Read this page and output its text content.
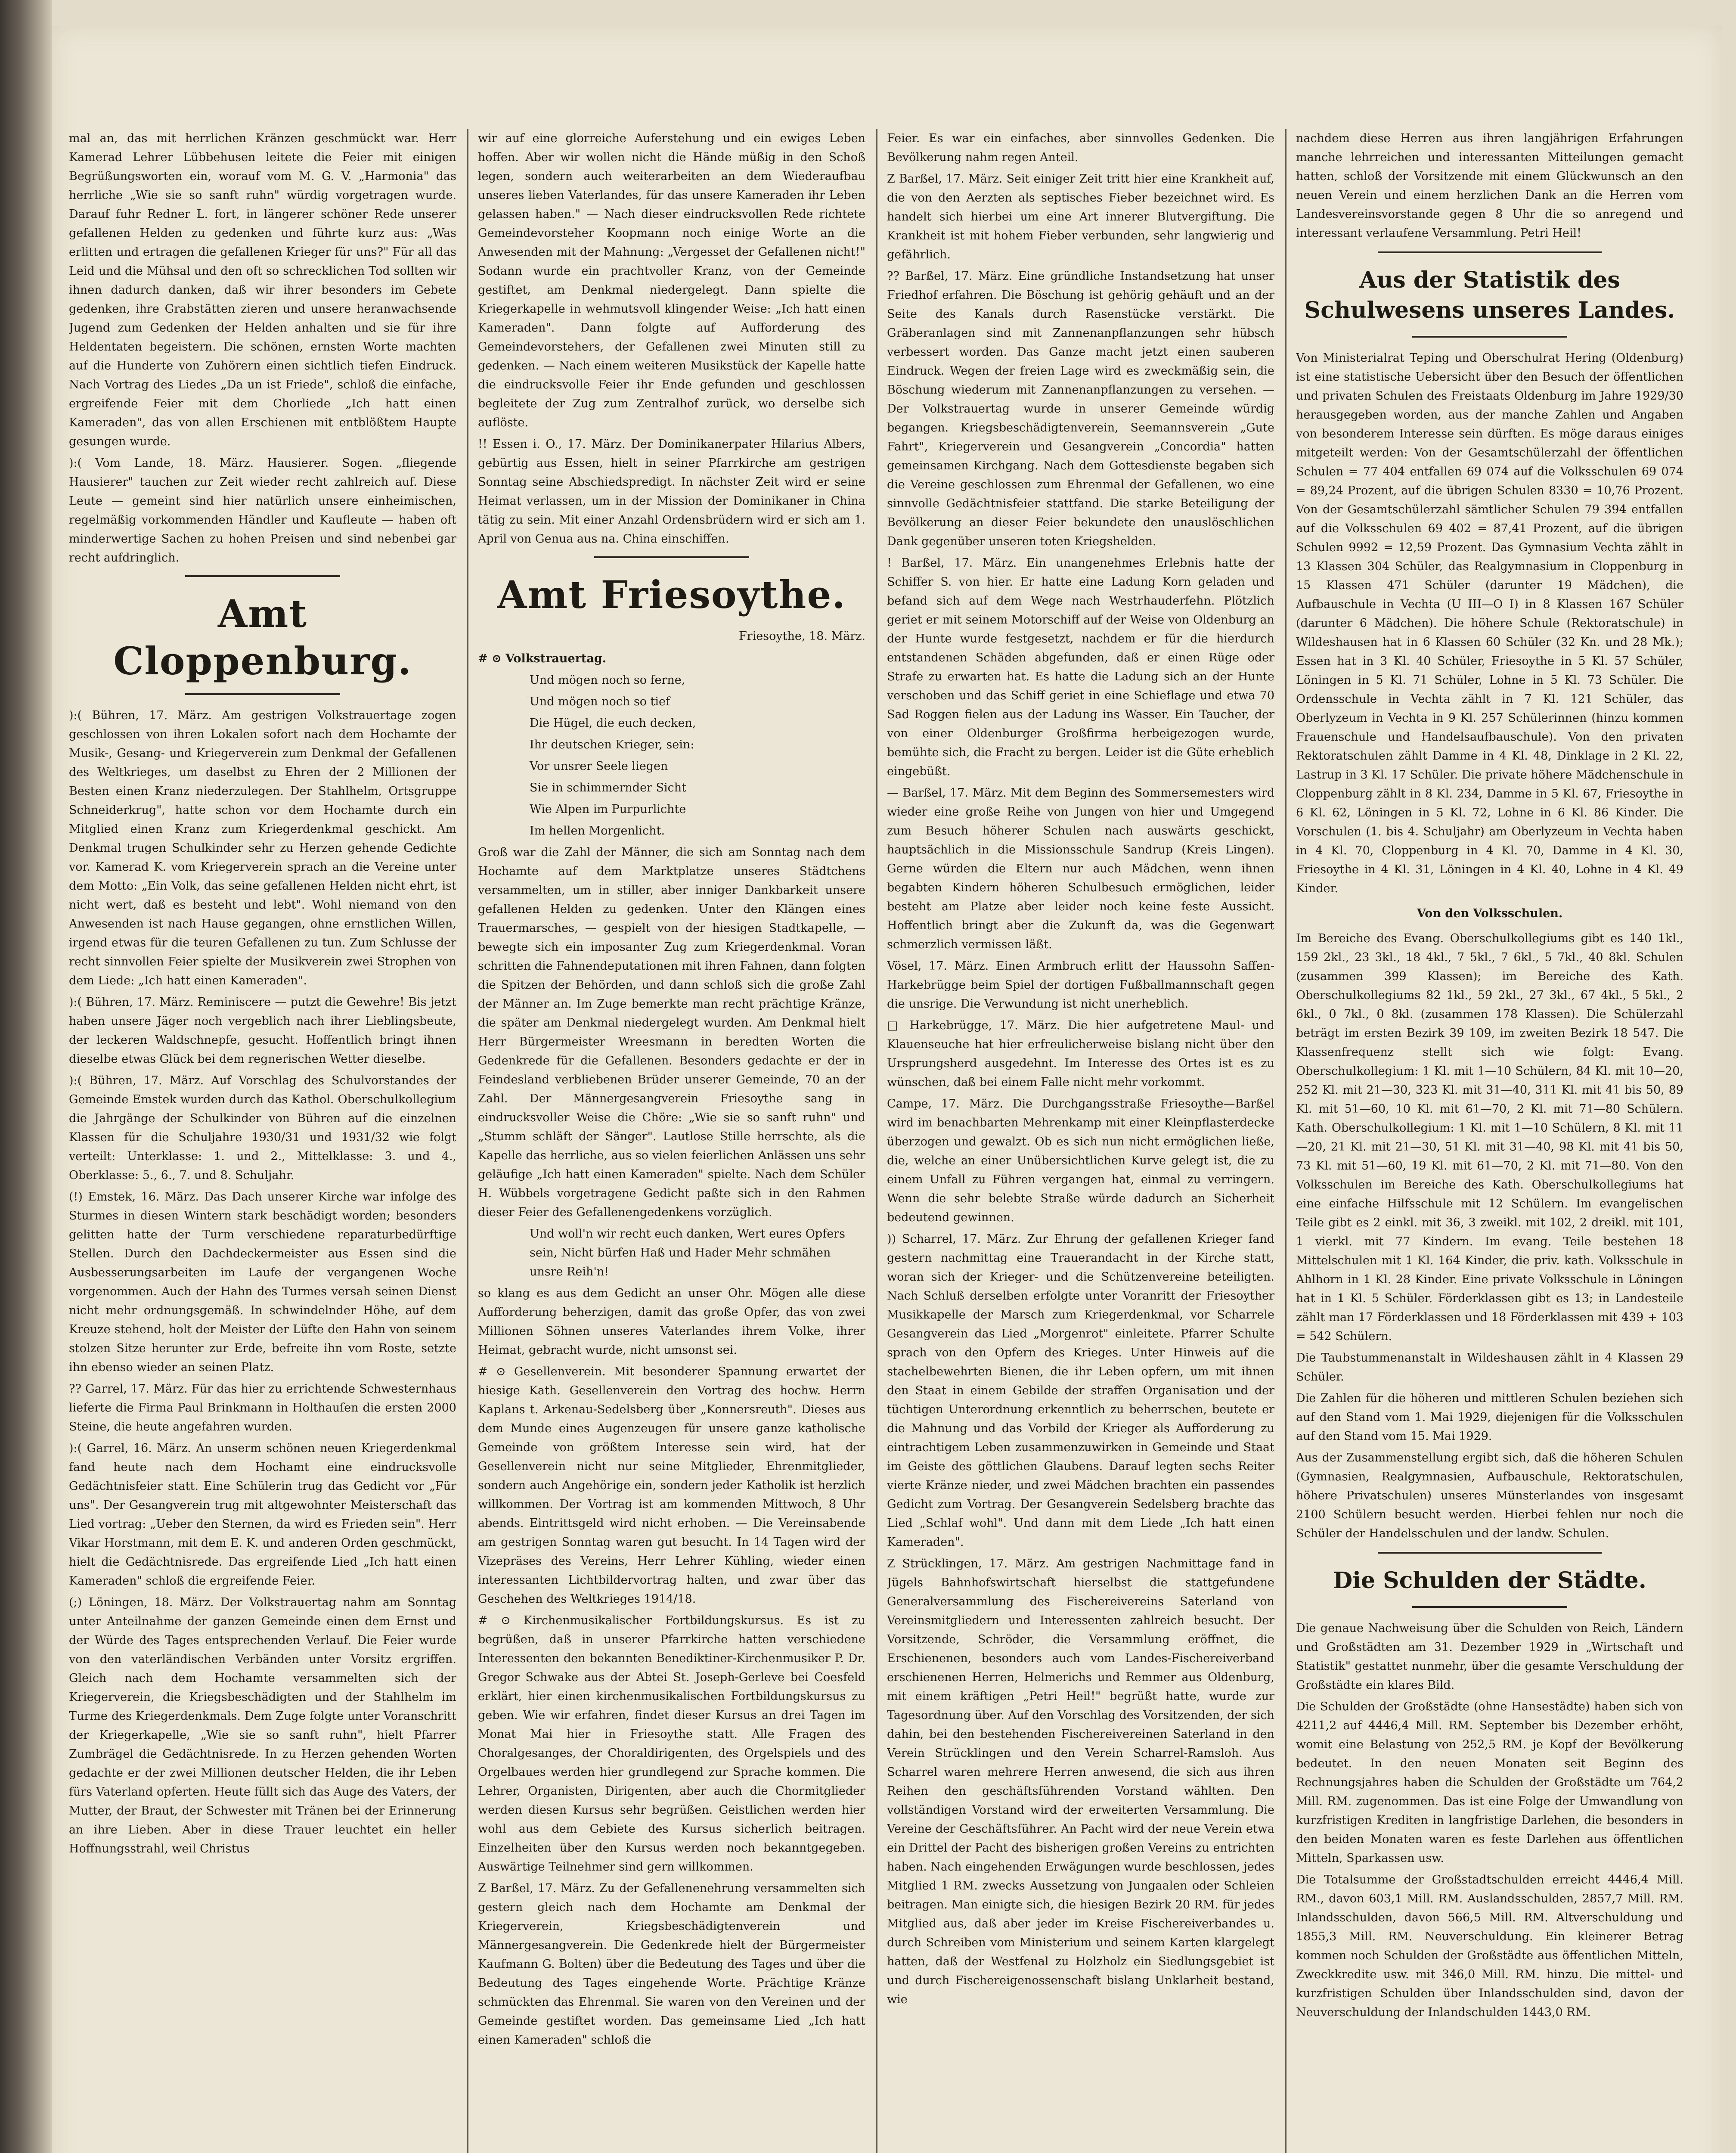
mal an, das mit herrlichen Kränzen geschmückt war. Herr Kamerad Lehrer Lübbehusen leitete die Feier mit einigen Begrüßungsworten ein, worauf vom M. G. V. „Harmonia" das herrliche „Wie sie so sanft ruhn" würdig vorgetragen wurde. Darauf fuhr Redner L. fort, in längerer schöner Rede unserer gefallenen Helden zu gedenken und führte kurz aus: „Was erlitten und ertragen die gefallenen Krieger für uns?" Für all das Leid und die Mühsal und den oft so schrecklichen Tod sollten wir ihnen dadurch danken, daß wir ihrer besonders im Gebete gedenken, ihre Grabstätten zieren und unsere heranwachsende Jugend zum Gedenken der Helden anhalten und sie für ihre Heldentaten begeistern. Die schönen, ernsten Worte machten auf die Hunderte von Zuhörern einen sichtlich tiefen Eindruck. Nach Vortrag des Liedes „Da un ist Friede", schloß die einfache, ergreifende Feier mit dem Chorliede „Ich hatt einen Kameraden", das von allen Erschienen mit entblößtem Haupte gesungen wurde.

):( Vom Lande, 18. März. Hausierer. Sogen. „fliegende Hausierer" tauchen zur Zeit wieder recht zahlreich auf. Diese Leute — gemeint sind hier natürlich unsere einheimischen, regelmäßig vorkommenden Händler und Kaufleute — haben oft minderwertige Sachen zu hohen Preisen und sind nebenbei gar recht aufdringlich.

Amt Cloppenburg.

):( Bühren, 17. März. Am gestrigen Volkstrauertage zogen geschlossen von ihren Lokalen sofort nach dem Hochamte der Musik-, Gesang- und Kriegerverein zum Denkmal der Gefallenen des Weltkrieges, um daselbst zu Ehren der 2 Millionen der Besten einen Kranz niederzulegen. Der Stahlhelm, Ortsgruppe Schneiderkrug", hatte schon vor dem Hochamte durch ein Mitglied einen Kranz zum Kriegerdenkmal geschickt. Am Denkmal trugen Schulkinder sehr zu Herzen gehende Gedichte vor. Kamerad K. vom Kriegerverein sprach an die Vereine unter dem Motto: „Ein Volk, das seine gefallenen Helden nicht ehrt, ist nicht wert, daß es besteht und lebt". Wohl niemand von den Anwesenden ist nach Hause gegangen, ohne ernstlichen Willen, irgend etwas für die teuren Gefallenen zu tun. Zum Schlusse der recht sinnvollen Feier spielte der Musikverein zwei Strophen von dem Liede: „Ich hatt einen Kameraden".

):( Bühren, 17. März. Reminiscere — putzt die Gewehre! Bis jetzt haben unsere Jäger noch vergeblich nach ihrer Lieblingsbeute, der leckeren Waldschnepfe, gesucht. Hoffentlich bringt ihnen dieselbe etwas Glück bei dem regnerischen Wetter dieselbe.

):( Bühren, 17. März. Auf Vorschlag des Schulvorstandes der Gemeinde Emstek wurden durch das Kathol. Oberschulkollegium die Jahrgänge der Schulkinder von Bühren auf die einzelnen Klassen für die Schuljahre 1930/31 und 1931/32 wie folgt verteilt: Unterklasse: 1. und 2., Mittelklasse: 3. und 4., Oberklasse: 5., 6., 7. und 8. Schuljahr.

(!) Emstek, 16. März. Das Dach unserer Kirche war infolge des Sturmes in diesen Wintern stark beschädigt worden; besonders gelitten hatte der Turm verschiedene reparaturbedürftige Stellen. Durch den Dachdeckermeister aus Essen sind die Ausbesserungsarbeiten im Laufe der vergangenen Woche vorgenommen. Auch der Hahn des Turmes versah seinen Dienst nicht mehr ordnungsgemäß. In schwindelnder Höhe, auf dem Kreuze stehend, holt der Meister der Lüfte den Hahn von seinem stolzen Sitze herunter zur Erde, befreite ihn vom Roste, setzte ihn ebenso wieder an seinen Platz.

?? Garrel, 17. März. Für das hier zu errichtende Schwesternhaus lieferte die Firma Paul Brinkmann in Holthauſen die ersten 2000 Steine, die heute angefahren wurden.

):( Garrel, 16. März. An unserm schönen neuen Kriegerdenkmal fand heute nach dem Hochamt eine eindrucksvolle Gedächtnisfeier statt. Eine Schülerin trug das Gedicht vor „Für uns". Der Gesangverein trug mit altgewohnter Meisterschaft das Lied vortrag: „Ueber den Sternen, da wird es Frieden sein". Herr Vikar Horstmann, mit dem E. K. und anderen Orden geschmückt, hielt die Gedächtnisrede. Das ergreifende Lied „Ich hatt einen Kameraden" schloß die ergreifende Feier.

(;) Löningen, 18. März. Der Volkstrauertag nahm am Sonntag unter Anteilnahme der ganzen Gemeinde einen dem Ernst und der Würde des Tages entsprechenden Verlauf. Die Feier wurde von den vaterländischen Verbänden unter Vorsitz ergriffen. Gleich nach dem Hochamte versammelten sich der Kriegerverein, die Kriegsbeschädigten und der Stahlhelm im Turme des Kriegerdenkmals. Dem Zuge folgte unter Voranschritt der Kriegerkapelle, „Wie sie so sanft ruhn", hielt Pfarrer Zumbrägel die Gedächtnisrede. In zu Herzen gehenden Worten gedachte er der zwei Millionen deutscher Helden, die ihr Leben fürs Vaterland opferten. Heute füllt sich das Auge des Vaters, der Mutter, der Braut, der Schwester mit Tränen bei der Erinnerung an ihre Lieben. Aber in diese Trauer leuchtet ein heller Hoffnungsstrahl, weil Christus

wir auf eine glorreiche Auferstehung und ein ewiges Leben hoffen. Aber wir wollen nicht die Hände müßig in den Schoß legen, sondern auch weiterarbeiten an dem Wiederaufbau unseres lieben Vaterlandes, für das unsere Kameraden ihr Leben gelassen haben." — Nach dieser eindrucksvollen Rede richtete Gemeindevorsteher Koopmann noch einige Worte an die Anwesenden mit der Mahnung: „Vergesset der Gefallenen nicht!" Sodann wurde ein prachtvoller Kranz, von der Gemeinde gestiftet, am Denkmal niedergelegt. Dann spielte die Kriegerkapelle in wehmutsvoll klingender Weise: „Ich hatt einen Kameraden". Dann folgte auf Aufforderung des Gemeindevorstehers, der Gefallenen zwei Minuten still zu gedenken. — Nach einem weiteren Musikstück der Kapelle hatte die eindrucksvolle Feier ihr Ende gefunden und geschlossen begleitete der Zug zum Zentralhof zurück, wo derselbe sich auflöste.

!! Essen i. O., 17. März. Der Dominikanerpater Hilarius Albers, gebürtig aus Essen, hielt in seiner Pfarrkirche am gestrigen Sonntag seine Abschiedspredigt. In nächster Zeit wird er seine Heimat verlassen, um in der Mission der Dominikaner in China tätig zu sein. Mit einer Anzahl Ordensbrüdern wird er sich am 1. April von Genua aus na. China einschiffen.

Amt Friesoythe.
Friesoythe, 18. März.

# ⊙ Volkstrauertag.

Und mögen noch so ferne,

Und mögen noch so tief

Die Hügel, die euch decken,

Ihr deutschen Krieger, sein:

Vor unsrer Seele liegen

Sie in schimmernder Sicht

Wie Alpen im Purpurlichte

Im hellen Morgenlicht.

Groß war die Zahl der Männer, die sich am Sonntag nach dem Hochamte auf dem Marktplatze unseres Städtchens versammelten, um in stiller, aber inniger Dankbarkeit unsere gefallenen Helden zu gedenken. Unter den Klängen eines Trauermarsches, — gespielt von der hiesigen Stadtkapelle, — bewegte sich ein imposanter Zug zum Kriegerdenkmal. Voran schritten die Fahnendeputationen mit ihren Fahnen, dann folgten die Spitzen der Behörden, und dann schloß sich die große Zahl der Männer an. Im Zuge bemerkte man recht prächtige Kränze, die später am Denkmal niedergelegt wurden. Am Denkmal hielt Herr Bürgermeister Wreesmann in beredten Worten die Gedenkrede für die Gefallenen. Besonders gedachte er der in Feindesland verbliebenen Brüder unserer Gemeinde, 70 an der Zahl. Der Männergesangverein Friesoythe sang in eindrucksvoller Weise die Chöre: „Wie sie so sanft ruhn" und „Stumm schläft der Sänger". Lautlose Stille herrschte, als die Kapelle das herrliche, aus so vielen feierlichen Anlässen uns sehr geläufige „Ich hatt einen Kameraden" spielte. Nach dem Schüler H. Wübbels vorgetragene Gedicht paßte sich in den Rahmen dieser Feier des Gefallenengedenkens vorzüglich.

Und woll'n wir recht euch danken, Wert eures Opfers sein, Nicht bürfen Haß und Hader Mehr schmähen unsre Reih'n!

so klang es aus dem Gedicht an unser Ohr. Mögen alle diese Aufforderung beherzigen, damit das große Opfer, das von zwei Millionen Söhnen unseres Vaterlandes ihrem Volke, ihrer Heimat, gebracht wurde, nicht umsonst sei.

# ⊙ Gesellenverein. Mit besonderer Spannung erwartet der hiesige Kath. Gesellenverein den Vortrag des hochw. Herrn Kaplans t. Arkenau-Sedelsberg über „Konnersreuth". Dieses aus dem Munde eines Augenzeugen für unsere ganze katholische Gemeinde von größtem Interesse sein wird, hat der Gesellenverein nicht nur seine Mitglieder, Ehrenmitglieder, sondern auch Angehörige ein, sondern jeder Katholik ist herzlich willkommen. Der Vortrag ist am kommenden Mittwoch, 8 Uhr abends. Eintrittsgeld wird nicht erhoben. — Die Vereinsabende am gestrigen Sonntag waren gut besucht. In 14 Tagen wird der Vizepräses des Vereins, Herr Lehrer Kühling, wieder einen interessanten Lichtbildervortrag halten, und zwar über das Geschehen des Weltkrieges 1914/18.

# ⊙ Kirchenmusikalischer Fortbildungskursus. Es ist zu begrüßen, daß in unserer Pfarrkirche hatten verschiedene Interessenten den bekannten Benediktiner-Kirchenmusiker P. Dr. Gregor Schwake aus der Abtei St. Joseph-Gerleve bei Coesfeld erklärt, hier einen kirchenmusikalischen Fortbildungskursus zu geben. Wie wir erfahren, findet dieser Kursus an drei Tagen im Monat Mai hier in Friesoythe statt. Alle Fragen des Choralgesanges, der Choraldirigenten, des Orgelspiels und des Orgelbaues werden hier grundlegend zur Sprache kommen. Die Lehrer, Organisten, Dirigenten, aber auch die Chormitglieder werden diesen Kursus sehr begrüßen. Geistlichen werden hier wohl aus dem Gebiete des Kursus sicherlich beitragen. Einzelheiten über den Kursus werden noch bekanntgegeben. Auswärtige Teilnehmer sind gern willkommen.

Z Barßel, 17. März. Zu der Gefallenenehrung versammelten sich gestern gleich nach dem Hochamte am Denkmal der Kriegerverein, Kriegsbeschädigtenverein und Männergesangverein. Die Gedenkrede hielt der Bürgermeister Kaufmann G. Bolten) über die Bedeutung des Tages und über die Bedeutung des Tages eingehende Worte. Prächtige Kränze schmückten das Ehrenmal. Sie waren von den Vereinen und der Gemeinde gestiftet worden. Das gemeinsame Lied „Ich hatt einen Kameraden" schloß die

Feier. Es war ein einfaches, aber sinnvolles Gedenken. Die Bevölkerung nahm regen Anteil.

Z Barßel, 17. März. Seit einiger Zeit tritt hier eine Krankheit auf, die von den Aerzten als septisches Fieber bezeichnet wird. Es handelt sich hierbei um eine Art innerer Blutvergiftung. Die Krankheit ist mit hohem Fieber verbunden, sehr langwierig und gefährlich.

?? Barßel, 17. März. Eine gründliche Instandsetzung hat unser Friedhof erfahren. Die Böschung ist gehörig gehäuft und an der Seite des Kanals durch Rasenstücke verstärkt. Die Gräberanlagen sind mit Zannenanpflanzungen sehr hübsch verbessert worden. Das Ganze macht jetzt einen sauberen Eindruck. Wegen der freien Lage wird es zweckmäßig sein, die Böschung wiederum mit Zannenanpflanzungen zu versehen. — Der Volkstrauertag wurde in unserer Gemeinde würdig begangen. Kriegsbeschädigtenverein, Seemannsverein „Gute Fahrt", Kriegerverein und Gesangverein „Concordia" hatten gemeinsamen Kirchgang. Nach dem Gottesdienste begaben sich die Vereine geschlossen zum Ehrenmal der Gefallenen, wo eine sinnvolle Gedächtnisfeier stattfand. Die starke Beteiligung der Bevölkerung an dieser Feier bekundete den unauslöschlichen Dank gegenüber unseren toten Kriegshelden.

! Barßel, 17. März. Ein unangenehmes Erlebnis hatte der Schiffer S. von hier. Er hatte eine Ladung Korn geladen und befand sich auf dem Wege nach Westrhauderfehn. Plötzlich geriet er mit seinem Motorschiff auf der Weise von Oldenburg an der Hunte wurde festgesetzt, nachdem er für die hierdurch entstandenen Schäden abgefunden, daß er einen Rüge oder Strafe zu erwarten hat. Es hatte die Ladung sich an der Hunte verschoben und das Schiff geriet in eine Schieflage und etwa 70 Sad Roggen fielen aus der Ladung ins Wasser. Ein Taucher, der von einer Oldenburger Großfirma herbeigezogen wurde, bemühte sich, die Fracht zu bergen. Leider ist die Güte erheblich eingebüßt.

— Barßel, 17. März. Mit dem Beginn des Sommersemesters wird wieder eine große Reihe von Jungen von hier und Umgegend zum Besuch höherer Schulen nach auswärts geschickt, hauptsächlich in die Missionsschule Sandrup (Kreis Lingen). Gerne würden die Eltern nur auch Mädchen, wenn ihnen begabten Kindern höheren Schulbesuch ermöglichen, leider besteht am Platze aber leider noch keine feste Aussicht. Hoffentlich bringt aber die Zukunft da, was die Gegenwart schmerzlich vermissen läßt.

Vösel, 17. März. Einen Armbruch erlitt der Haussohn Saffen-Harkebrügge beim Spiel der dortigen Fußballmannschaft gegen die unsrige. Die Verwundung ist nicht unerheblich.

□ Harkebrügge, 17. März. Die hier aufgetretene Maul- und Klauenseuche hat hier erfreulicherweise bislang nicht über den Ursprungsherd ausgedehnt. Im Interesse des Ortes ist es zu wünschen, daß bei einem Falle nicht mehr vorkommt.

Campe, 17. März. Die Durchgangsstraße Friesoythe—Barßel wird im benachbarten Mehrenkamp mit einer Kleinpflasterdecke überzogen und gewalzt. Ob es sich nun nicht ermöglichen ließe, die, welche an einer Unübersichtlichen Kurve gelegt ist, die zu einem Unfall zu Führen vergangen hat, einmal zu verringern. Wenn die sehr belebte Straße würde dadurch an Sicherheit bedeutend gewinnen.

)) Scharrel, 17. März. Zur Ehrung der gefallenen Krieger fand gestern nachmittag eine Trauerandacht in der Kirche statt, woran sich der Krieger- und die Schützenvereine beteiligten. Nach Schluß derselben erfolgte unter Voranritt der Friesoyther Musikkapelle der Marsch zum Kriegerdenkmal, vor Scharrele Gesangverein das Lied „Morgenrot" einleitete. Pfarrer Schulte sprach von den Opfern des Krieges. Unter Hinweis auf die stachelbewehrten Bienen, die ihr Leben opfern, um mit ihnen den Staat in einem Gebilde der straffen Organisation und der tüchtigen Unterordnung erkenntlich zu beherrschen, beutete er die Mahnung und das Vorbild der Krieger als Aufforderung zu eintrachtigem Leben zusammenzuwirken in Gemeinde und Staat im Geiste des göttlichen Glaubens. Darauf legten sechs Reiter vierte Kränze nieder, und zwei Mädchen brachten ein passendes Gedicht zum Vortrag. Der Gesangverein Sedelsberg brachte das Lied „Schlaf wohl". Und dann mit dem Liede „Ich hatt einen Kameraden".

Z Strücklingen, 17. März. Am gestrigen Nachmittage fand in Jügels Bahnhofswirtschaft hierselbst die stattgefundene Generalversammlung des Fischereivereins Saterland von Vereinsmitgliedern und Interessenten zahlreich besucht. Der Vorsitzende, Schröder, die Versammlung eröffnet, die Erschienenen, besonders auch vom Landes-Fischereiverband erschienenen Herren, Helmerichs und Remmer aus Oldenburg, mit einem kräftigen „Petri Heil!" begrüßt hatte, wurde zur Tagesordnung über. Auf den Vorschlag des Vorsitzenden, der sich dahin, bei den bestehenden Fischereivereinen Saterland in den Verein Strücklingen und den Verein Scharrel-Ramsloh. Aus Scharrel waren mehrere Herren anwesend, die sich aus ihren Reihen den geschäftsführenden Vorstand wählten. Den vollständigen Vorstand wird der erweiterten Versammlung. Die Vereine der Geschäftsführer. An Pacht wird der neue Verein etwa ein Drittel der Pacht des bisherigen großen Vereins zu entrichten haben. Nach eingehenden Erwägungen wurde beschlossen, jedes Mitglied 1 RM. zwecks Aussetzung von Jungaalen oder Schleien beitragen. Man einigte sich, die hiesigen Bezirk 20 RM. für jedes Mitglied aus, daß aber jeder im Kreise Fischereiverbandes u. durch Schreiben vom Ministerium und seinem Karten klargelegt hatten, daß der Westfenal zu Holzholz ein Siedlungsgebiet ist und durch Fischereigenossenschaft bislang Unklarheit bestand, wie

nachdem diese Herren aus ihren langjährigen Erfahrungen manche lehrreichen und interessanten Mitteilungen gemacht hatten, schloß der Vorsitzende mit einem Glückwunsch an den neuen Verein und einem herzlichen Dank an die Herren vom Landesvereinsvorstande gegen 8 Uhr die so anregend und interessant verlaufene Versammlung. Petri Heil!

Aus der Statistik des Schulwesens unseres Landes.

Von Ministerialrat Teping und Oberschulrat Hering (Oldenburg) ist eine statistische Uebersicht über den Besuch der öffentlichen und privaten Schulen des Freistaats Oldenburg im Jahre 1929/30 herausgegeben worden, aus der manche Zahlen und Angaben von besonderem Interesse sein dürften. Es möge daraus einiges mitgeteilt werden: Von der Gesamtschülerzahl der öffentlichen Schulen = 77 404 entfallen 69 074 auf die Volksschulen 69 074 = 89,24 Prozent, auf die übrigen Schulen 8330 = 10,76 Prozent. Von der Gesamtschülerzahl sämtlicher Schulen 79 394 entfallen auf die Volksschulen 69 402 = 87,41 Prozent, auf die übrigen Schulen 9992 = 12,59 Prozent. Das Gymnasium Vechta zählt in 13 Klassen 304 Schüler, das Realgymnasium in Cloppenburg in 15 Klassen 471 Schüler (darunter 19 Mädchen), die Aufbauschule in Vechta (U III—O I) in 8 Klassen 167 Schüler (darunter 6 Mädchen). Die höhere Schule (Rektoratschule) in Wildeshausen hat in 6 Klassen 60 Schüler (32 Kn. und 28 Mk.); Essen hat in 3 Kl. 40 Schüler, Friesoythe in 5 Kl. 57 Schüler, Löningen in 5 Kl. 71 Schüler, Lohne in 5 Kl. 73 Schüler. Die Ordensschule in Vechta zählt in 7 Kl. 121 Schüler, das Oberlyzeum in Vechta in 9 Kl. 257 Schülerinnen (hinzu kommen Frauenschule und Handelsaufbauschule). Von den privaten Rektoratschulen zählt Damme in 4 Kl. 48, Dinklage in 2 Kl. 22, Lastrup in 3 Kl. 17 Schüler. Die private höhere Mädchenschule in Cloppenburg zählt in 8 Kl. 234, Damme in 5 Kl. 67, Friesoythe in 6 Kl. 62, Löningen in 5 Kl. 72, Lohne in 6 Kl. 86 Kinder. Die Vorschulen (1. bis 4. Schuljahr) am Oberlyzeum in Vechta haben in 4 Kl. 70, Cloppenburg in 4 Kl. 70, Damme in 4 Kl. 30, Friesoythe in 4 Kl. 31, Löningen in 4 Kl. 40, Lohne in 4 Kl. 49 Kinder.

Von den Volksschulen.

Im Bereiche des Evang. Oberschulkollegiums gibt es 140 1kl., 159 2kl., 23 3kl., 18 4kl., 7 5kl., 7 6kl., 5 7kl., 40 8kl. Schulen (zusammen 399 Klassen); im Bereiche des Kath. Oberschulkollegiums 82 1kl., 59 2kl., 27 3kl., 67 4kl., 5 5kl., 2 6kl., 0 7kl., 0 8kl. (zusammen 178 Klassen). Die Schülerzahl beträgt im ersten Bezirk 39 109, im zweiten Bezirk 18 547. Die Klassenfrequenz stellt sich wie folgt: Evang. Oberschulkollegium: 1 Kl. mit 1—10 Schülern, 84 Kl. mit 10—20, 252 Kl. mit 21—30, 323 Kl. mit 31—40, 311 Kl. mit 41 bis 50, 89 Kl. mit 51—60, 10 Kl. mit 61—70, 2 Kl. mit 71—80 Schülern. Kath. Oberschulkollegium: 1 Kl. mit 1—10 Schülern, 8 Kl. mit 11—20, 21 Kl. mit 21—30, 51 Kl. mit 31—40, 98 Kl. mit 41 bis 50, 73 Kl. mit 51—60, 19 Kl. mit 61—70, 2 Kl. mit 71—80. Von den Volksschulen im Bereiche des Kath. Oberschulkollegiums hat eine einfache Hilfsschule mit 12 Schülern. Im evangelischen Teile gibt es 2 einkl. mit 36, 3 zweikl. mit 102, 2 dreikl. mit 101, 1 vierkl. mit 77 Kindern. Im evang. Teile bestehen 18 Mittelschulen mit 1 Kl. 164 Kinder, die priv. kath. Volksschule in Ahlhorn in 1 Kl. 28 Kinder. Eine private Volksschule in Löningen hat in 1 Kl. 5 Schüler. Förderklassen gibt es 13; in Landesteile zählt man 17 Förderklassen und 18 Förderklassen mit 439 + 103 = 542 Schülern.

Die Taubstummenanstalt in Wildeshausen zählt in 4 Klassen 29 Schüler.

Die Zahlen für die höheren und mittleren Schulen beziehen sich auf den Stand vom 1. Mai 1929, diejenigen für die Volksschulen auf den Stand vom 15. Mai 1929.

Aus der Zusammenstellung ergibt sich, daß die höheren Schulen (Gymnasien, Realgymnasien, Aufbauschule, Rektoratschulen, höhere Privatschulen) unseres Münsterlandes von insgesamt 2100 Schülern besucht werden. Hierbei fehlen nur noch die Schüler der Handelsschulen und der landw. Schulen.

Die Schulden der Städte.

Die genaue Nachweisung über die Schulden von Reich, Ländern und Großstädten am 31. Dezember 1929 in „Wirtschaft und Statistik" gestattet nunmehr, über die gesamte Verschuldung der Großstädte ein klares Bild.

Die Schulden der Großstädte (ohne Hansestädte) haben sich von 4211,2 auf 4446,4 Mill. RM. September bis Dezember erhöht, womit eine Belastung von 252,5 RM. je Kopf der Bevölkerung bedeutet. In den neuen Monaten seit Beginn des Rechnungsjahres haben die Schulden der Großstädte um 764,2 Mill. RM. zugenommen. Das ist eine Folge der Umwandlung von kurzfristigen Krediten in langfristige Darlehen, die besonders in den beiden Monaten waren es feste Darlehen aus öffentlichen Mitteln, Sparkassen usw.

Die Totalsumme der Großstadtschulden erreicht 4446,4 Mill. RM., davon 603,1 Mill. RM. Auslandsschulden, 2857,7 Mill. RM. Inlandsschulden, davon 566,5 Mill. RM. Altverschuldung und 1855,3 Mill. RM. Neuverschuldung. Ein kleinerer Betrag kommen noch Schulden der Großstädte aus öffentlichen Mitteln, Zweckkredite usw. mit 346,0 Mill. RM. hinzu. Die mittel- und kurzfristigen Schulden über Inlandsschulden sind, davon der Neuverschuldung der Inlandschulden 1443,0 RM.
